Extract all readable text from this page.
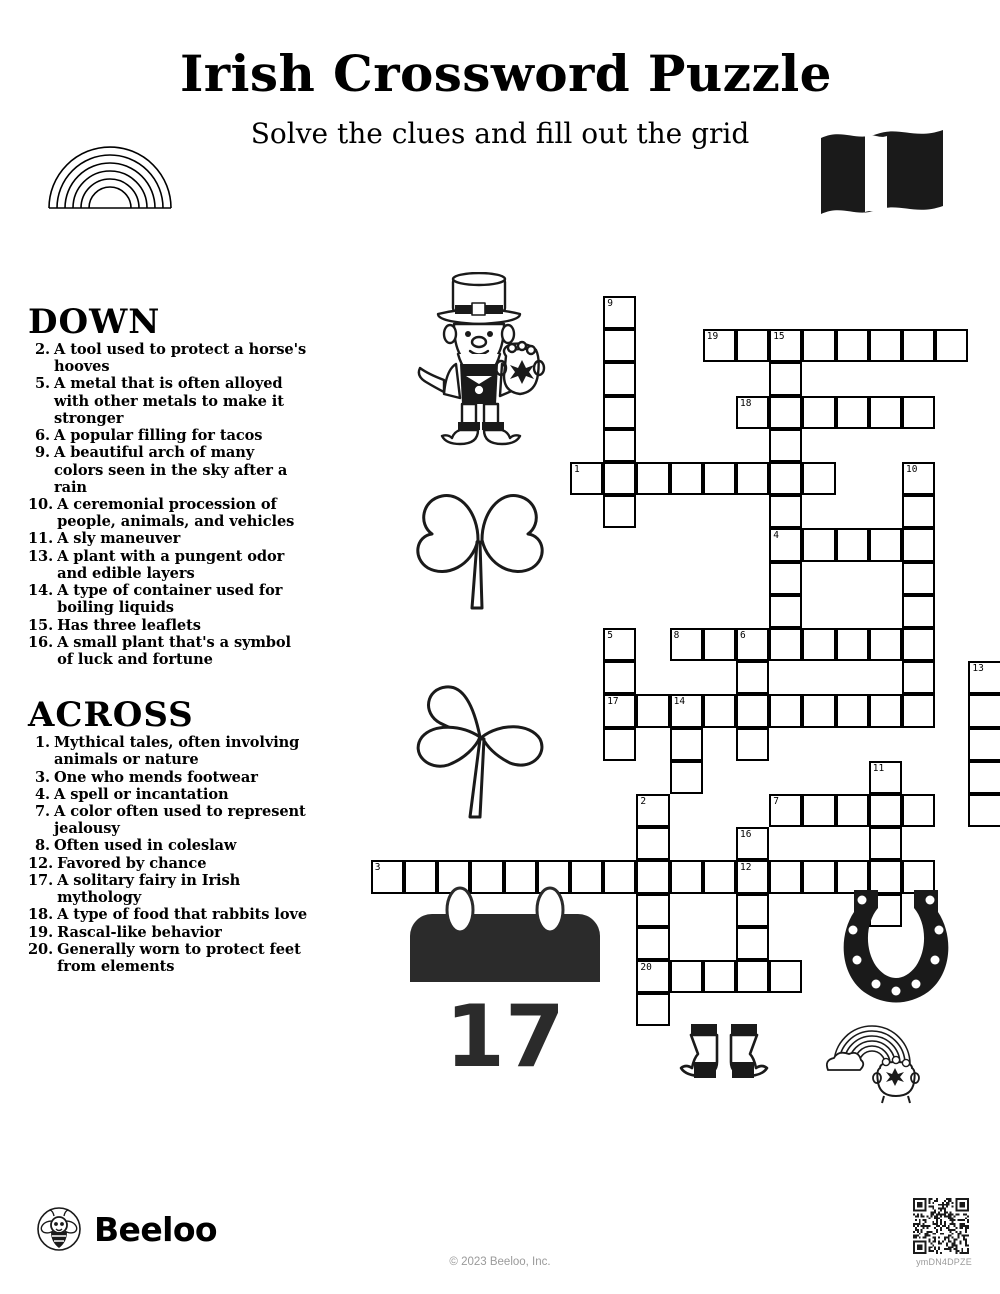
Irish Crossword Puzzle
Solve the clues and fill out the grid
DOWN
2. A tool used to protect a horse's hooves
5. A metal that is often alloyed with other metals to make it stronger
6. A popular filling for tacos
9. A beautiful arch of many colors seen in the sky after a rain
10. A ceremonial procession of people, animals, and vehicles
11. A sly maneuver
13. A plant with a pungent odor and edible layers
14. A type of container used for boiling liquids
15. Has three leaflets
16. A small plant that's a symbol of luck and fortune
ACROSS
1. Mythical tales, often involving animals or nature
3. One who mends footwear
4. A spell or incantation
7. A color often used to represent jealousy
8. Often used in coleslaw
12. Favored by chance
17. A solitary fairy in Irish mythology
18. A type of food that rabbits love
19. Rascal-like behavior
20. Generally worn to protect feet from elements
19	15
18
1
4
8	6
17	14
7
12
3
20
9
10
5
13
11
2
16
17
Beeloo
© 2023 Beeloo, Inc.	ymDN4DPZE
